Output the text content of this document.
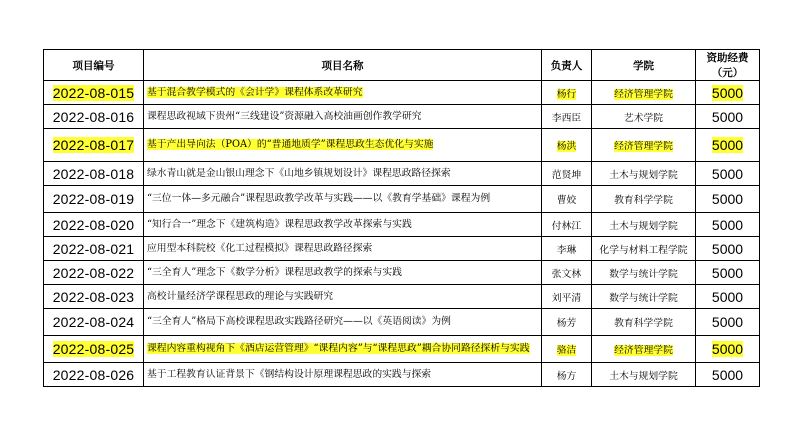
项目编号	项目名称	负责人	学院	资助经费（元）
2022-08-015	基于混合教学模式的《会计学》课程体系改革研究	杨行	经济管理学院	5000
2022-08-016	课程思政视域下贵州“三线建设”资源融入高校油画创作教学研究	李西臣	艺术学院	5000
2022-08-017	基于产出导向法（POA）的“普通地质学”课程思政生态优化与实施	杨洪	经济管理学院	5000
2022-08-018	绿水青山就是金山银山理念下《山地乡镇规划设计》课程思政路径探索	范贤坤	土木与规划学院	5000
2022-08-019	“三位一体—多元融合”课程思政教学改革与实践——以《教育学基础》课程为例	曹姣	教育科学学院	5000
2022-08-020	“知行合一”理念下《建筑构造》课程思政教学改革探索与实践	付林江	土木与规划学院	5000
2022-08-021	应用型本科院校《化工过程模拟》课程思政路径探索	李琳	化学与材料工程学院	5000
2022-08-022	“三全育人”理念下《数学分析》课程思政教学的探索与实践	张文林	数学与统计学院	5000
2022-08-023	高校计量经济学课程思政的理论与实践研究	刘平清	数学与统计学院	5000
2022-08-024	“三全育人”格局下高校课程思政实践路径研究——以《英语阅读》为例	杨芳	教育科学学院	5000
2022-08-025	课程内容重构视角下《酒店运营管理》“课程内容”与“课程思政”耦合协同路径探析与实践	骆洁	经济管理学院	5000
2022-08-026	基于工程教育认证背景下《钢结构设计原理课程思政的实践与探索	杨方	土木与规划学院	5000
